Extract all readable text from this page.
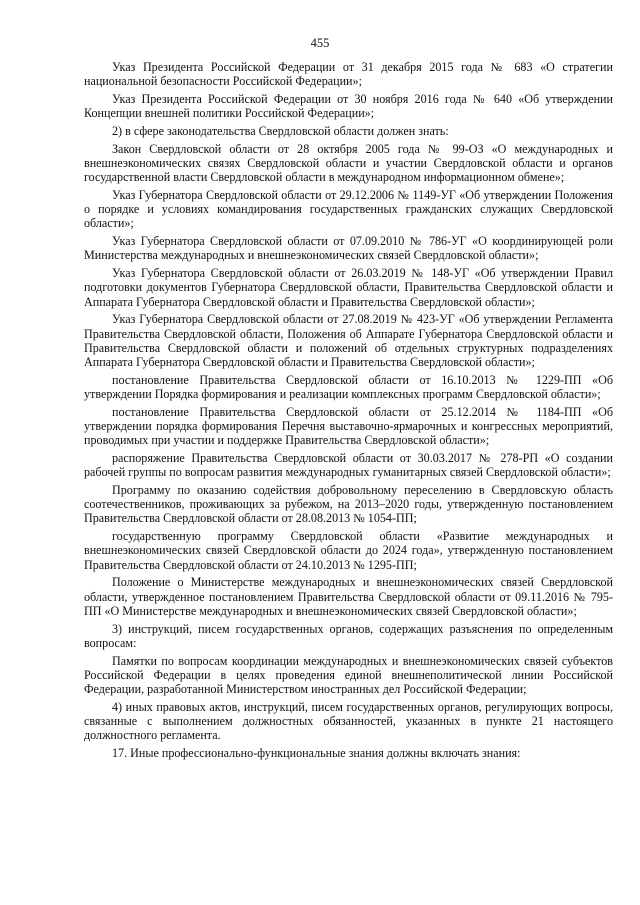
455

Указ Президента Российской Федерации от 31 декабря 2015 года № 683 «О стратегии национальной безопасности Российской Федерации»;

Указ Президента Российской Федерации от 30 ноября 2016 года № 640 «Об утверждении Концепции внешней политики Российской Федерации»;

2) в сфере законодательства Свердловской области должен знать:

Закон Свердловской области от 28 октября 2005 года № 99-ОЗ «О международных и внешнеэкономических связях Свердловской области и участии Свердловской области и органов государственной власти Свердловской области в международном информационном обмене»;

Указ Губернатора Свердловской области от 29.12.2006 № 1149-УГ «Об утверждении Положения о порядке и условиях командирования государственных гражданских служащих Свердловской области»;

Указ Губернатора Свердловской области от 07.09.2010 № 786-УГ «О координирующей роли Министерства международных и внешнеэкономических связей Свердловской области»;

Указ Губернатора Свердловской области от 26.03.2019 № 148-УГ «Об утверждении Правил подготовки документов Губернатора Свердловской области, Правительства Свердловской области и Аппарата Губернатора Свердловской области и Правительства Свердловской области»;

Указ Губернатора Свердловской области от 27.08.2019 № 423-УГ «Об утверждении Регламента Правительства Свердловской области, Положения об Аппарате Губернатора Свердловской области и Правительства Свердловской области и положений об отдельных структурных подразделениях Аппарата Губернатора Свердловской области и Правительства Свердловской области»;

постановление Правительства Свердловской области от 16.10.2013 № 1229-ПП «Об утверждении Порядка формирования и реализации комплексных программ Свердловской области»;

постановление Правительства Свердловской области от 25.12.2014 № 1184-ПП «Об утверждении порядка формирования Перечня выставочно-ярмарочных и конгрессных мероприятий, проводимых при участии и поддержке Правительства Свердловской области»;

распоряжение Правительства Свердловской области от 30.03.2017 № 278-РП «О создании рабочей группы по вопросам развития международных гуманитарных связей Свердловской области»;

Программу по оказанию содействия добровольному переселению в Свердловскую область соотечественников, проживающих за рубежом, на 2013–2020 годы, утвержденную постановлением Правительства Свердловской области от 28.08.2013 № 1054-ПП;

государственную программу Свердловской области «Развитие международных и внешнеэкономических связей Свердловской области до 2024 года», утвержденную постановлением Правительства Свердловской области от 24.10.2013 № 1295-ПП;

Положение о Министерстве международных и внешнеэкономических связей Свердловской области, утвержденное постановлением Правительства Свердловской области от 09.11.2016 № 795-ПП «О Министерстве международных и внешнеэкономических связей Свердловской области»;

3) инструкций, писем государственных органов, содержащих разъяснения по определенным вопросам:

Памятки по вопросам координации международных и внешнеэкономических связей субъектов Российской Федерации в целях проведения единой внешнеполитической линии Российской Федерации, разработанной Министерством иностранных дел Российской Федерации;

4) иных правовых актов, инструкций, писем государственных органов, регулирующих вопросы, связанные с выполнением должностных обязанностей, указанных в пункте 21 настоящего должностного регламента.

17. Иные профессионально-функциональные знания должны включать знания:
